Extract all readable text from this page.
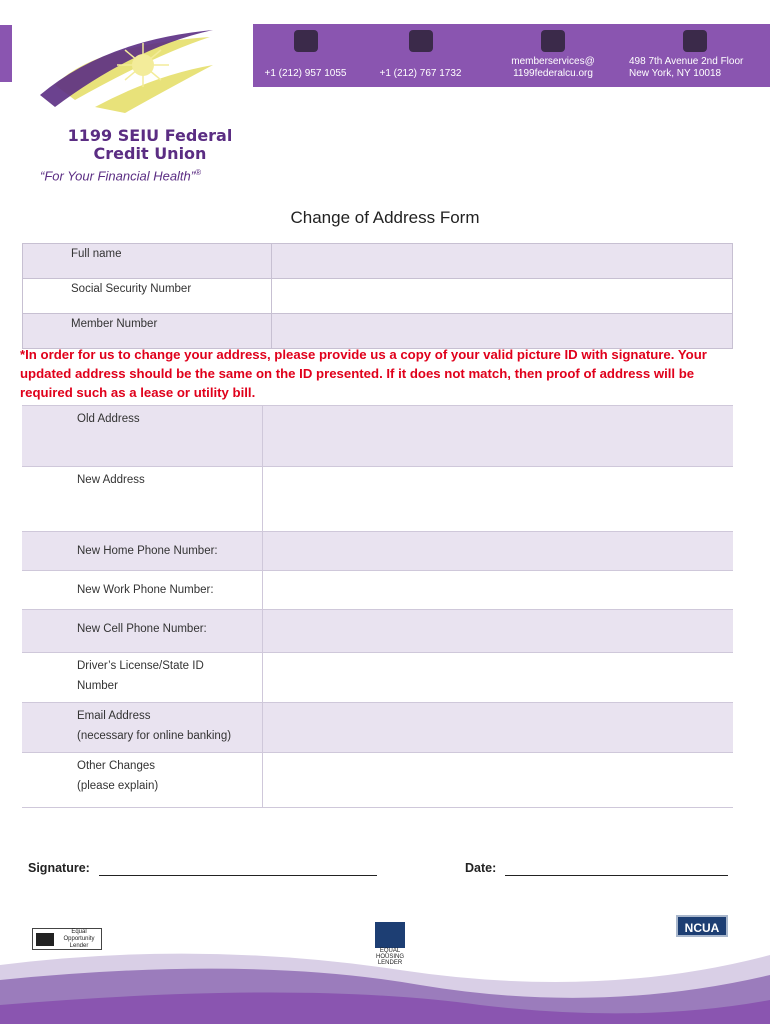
1199 SEIU Federal
Credit Union
“For Your Financial Health”®
+1 (212) 957 1055	+1 (212) 767 1732
memberservices@
1199federalcu.org
498 7th Avenue 2nd Floor
New York, NY 10018
Change of Address Form
Full name	
Social Security Number	
Member Number	
*In order for us to change your address, please provide us a copy of your valid picture ID with signature. Your updated address should be the same on the ID presented. If it does not match, then proof of address will be required such as a lease or utility bill.
Old Address	
New Address	
New Home Phone Number:	
New Work Phone Number:	
New Cell Phone Number:	
Driver’s License/State ID
Number	
Email Address
(necessary for online banking)	
Other Changes
(please explain)	
Signature:	Date:
Equal Opportunity Lender
EQUAL HOUSING LENDER
NCUA
